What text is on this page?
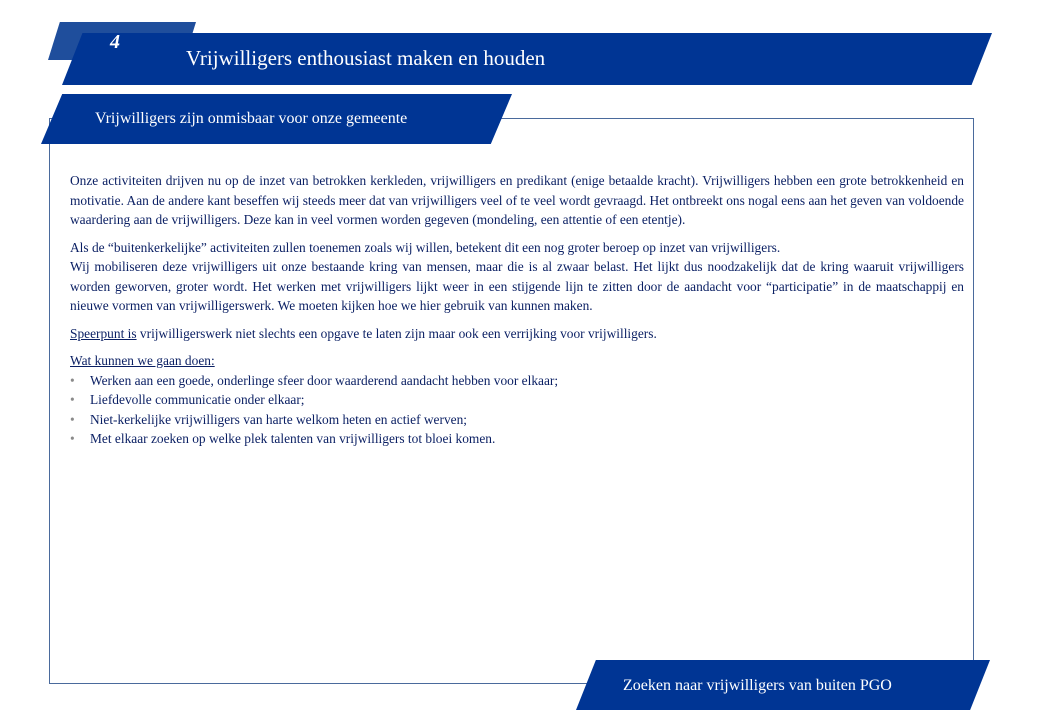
4
Vrijwilligers enthousiast maken en houden
Vrijwilligers zijn onmisbaar voor onze gemeente

Onze activiteiten drijven nu op de inzet van betrokken kerkleden, vrijwilligers en predikant (enige betaalde kracht). Vrijwilligers hebben een grote betrokkenheid en motivatie. Aan de andere kant beseffen wij steeds meer dat van vrijwilligers veel of te veel wordt gevraagd. Het ontbreekt ons nogal eens aan het geven van voldoende waardering aan de vrijwilligers. Deze kan in veel vormen worden gegeven (mondeling, een attentie of een etentje).

Als de “buitenkerkelijke” activiteiten zullen toenemen zoals wij willen, betekent dit een nog groter beroep op inzet van vrijwilligers.
Wij mobiliseren deze vrijwilligers uit onze bestaande kring van mensen, maar die is al zwaar belast. Het lijkt dus noodzakelijk dat de kring waaruit vrijwilligers worden geworven, groter wordt. Het werken met vrijwilligers lijkt weer in een stijgende lijn te zitten door de aandacht voor “participatie” in de maatschappij en nieuwe vormen van vrijwilligerswerk. We moeten kijken hoe we hier gebruik van kunnen maken.

Speerpunt is vrijwilligerswerk niet slechts een opgave te laten zijn maar ook een verrijking voor vrijwilligers.

Wat kunnen we gaan doen:

• Werken aan een goede, onderlinge sfeer door waarderend aandacht hebben voor elkaar;
• Liefdevolle communicatie onder elkaar;
• Niet-kerkelijke vrijwilligers van harte welkom heten en actief werven;
• Met elkaar zoeken op welke plek talenten van vrijwilligers tot bloei komen.
Zoeken naar vrijwilligers van buiten PGO
